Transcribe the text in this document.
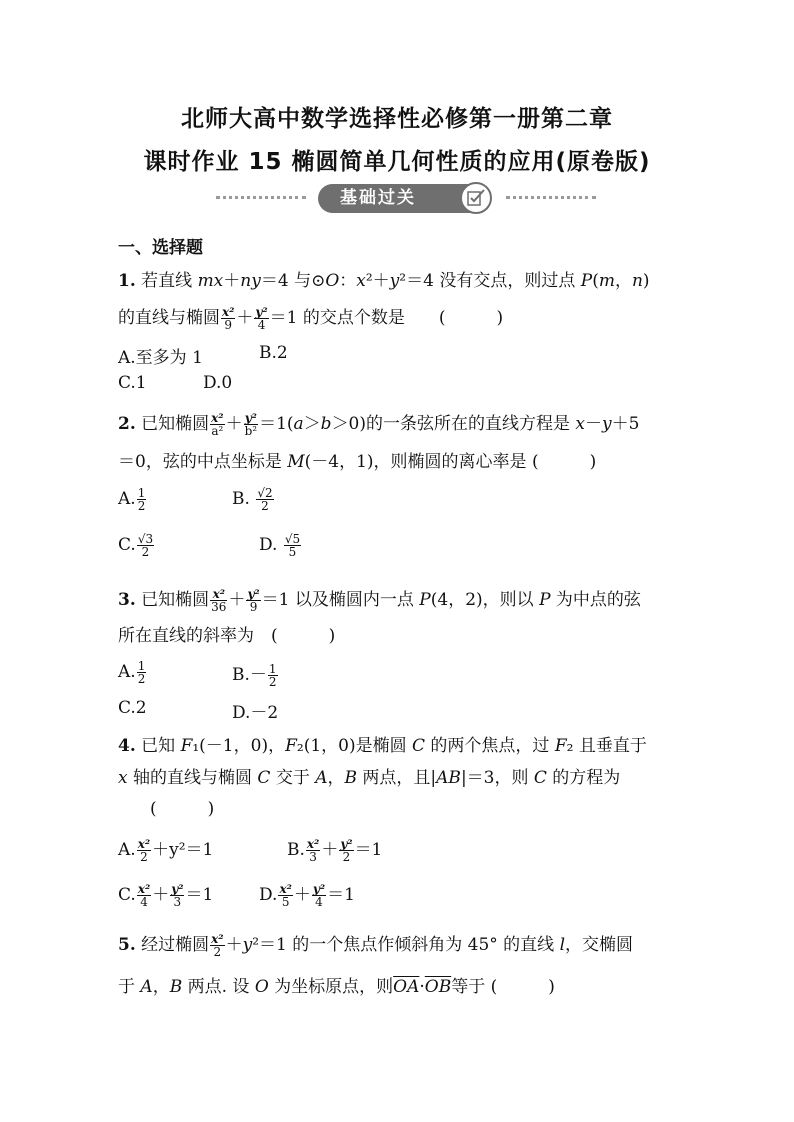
北师大高中数学选择性必修第一册第二章
课时作业 15 椭圆简单几何性质的应用(原卷版)
基础过关
一、选择题
1. 若直线 mx＋ny＝4 与⊙O：x²＋y²＝4 没有交点，则过点 P(m，n)
的直线与椭圆 $\frac{\text{x²}}{9} + \frac{\text{y²}}{4} =1$ 的交点个数是　　(　　　)
A.至多为 1	B.2
C.1	D.0
2. 已知椭圆 $\frac{\text{x²}}{\text{a²}} + \frac{\text{y²}}{\text{b²}} =1(a>b>0)$的一条弦所在的直线方程是 x－y＋5
＝0，弦的中点坐标是 M(－4，1)，则椭圆的离心率是 (　　　)
A. $\frac{1}{2}$	B. $\frac{√2}{2}$
C. $\frac{√3}{2}$	D. $\frac{√5}{5}$
3. 已知椭圆 $\frac{\text{x²}}{36} + \frac{\text{y²}}{9} =1$ 以及椭圆内一点 P(4，2)，则以 P 为中点的弦
所在直线的斜率为　(　　　)
A. $\frac{1}{2}$	$B.- \frac{1}{2}$
C.2	D.－2
4. 已知 F₁(－1，0)，F₂(1，0)是椭圆 C 的两个焦点，过 F₂ 且垂直于
x 轴的直线与椭圆 C 交于 A，B 两点，且|AB|＝3，则 C 的方程为
(　　　)
A. $\frac{\text{x²}}{2} +y^2=1$	B. $\frac{\text{x²}}{3} + \frac{\text{y²}}{2} =1$
C. $\frac{\text{x²}}{4} + \frac{\text{y²}}{3} =1$	D. $\frac{\text{x²}}{5} + \frac{\text{y²}}{4} =1$
5. 经过椭圆 $\frac{\text{x²}}{2} +y^2=1$ 的一个焦点作倾斜角为 45° 的直线 l，交椭圆
于 A，B 两点. 设 O 为坐标原点，则$\overline{OA}\cdot\overline{OB}$等于 (　　　)
